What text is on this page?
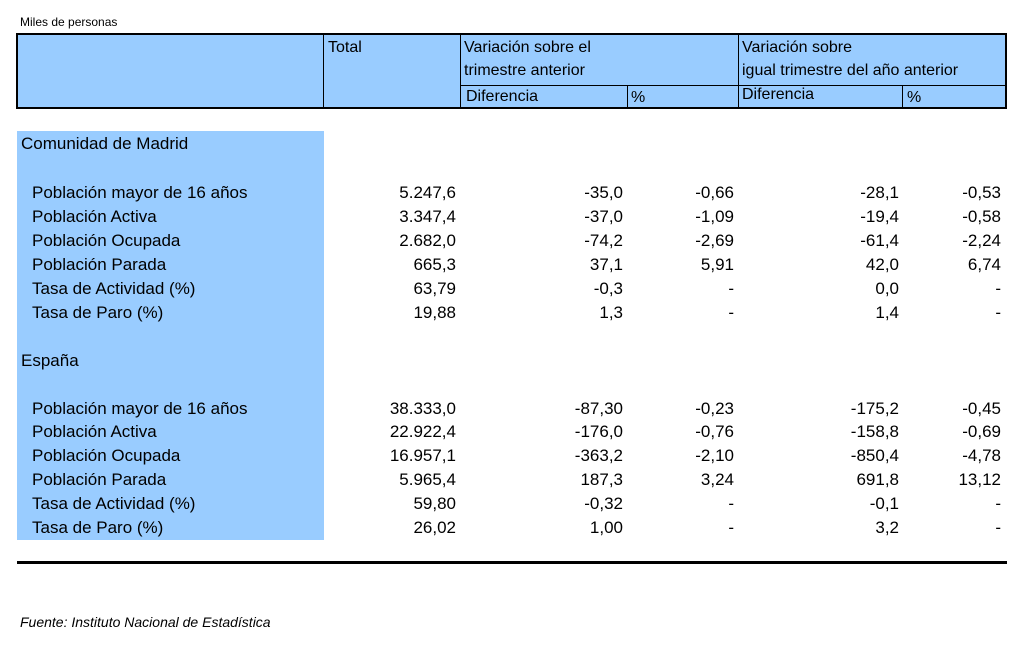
Miles de personas
Total	Variación sobre el
trimestre anterior
Variación sobre
igual trimestre del año anterior
Diferencia	%	Diferencia	%
Comunidad de Madrid
Población mayor de 16 años	5.247,6	-35,0	-0,66	-28,1	-0,53
Población Activa	3.347,4	-37,0	-1,09	-19,4	-0,58
Población Ocupada	2.682,0	-74,2	-2,69	-61,4	-2,24
Población Parada	665,3	37,1	5,91	42,0	6,74
Tasa de Actividad (%)	63,79	-0,3	-	0,0	-
Tasa de Paro (%)	19,88	1,3	-	1,4	-
España
Población mayor de 16 años	38.333,0	-87,30	-0,23	-175,2	-0,45
Población Activa	22.922,4	-176,0	-0,76	-158,8	-0,69
Población Ocupada	16.957,1	-363,2	-2,10	-850,4	-4,78
Población Parada	5.965,4	187,3	3,24	691,8	13,12
Tasa de Actividad (%)	59,80	-0,32	-	-0,1	-
Tasa de Paro (%)	26,02	1,00	-	3,2	-
Fuente: Instituto Nacional de Estadística
